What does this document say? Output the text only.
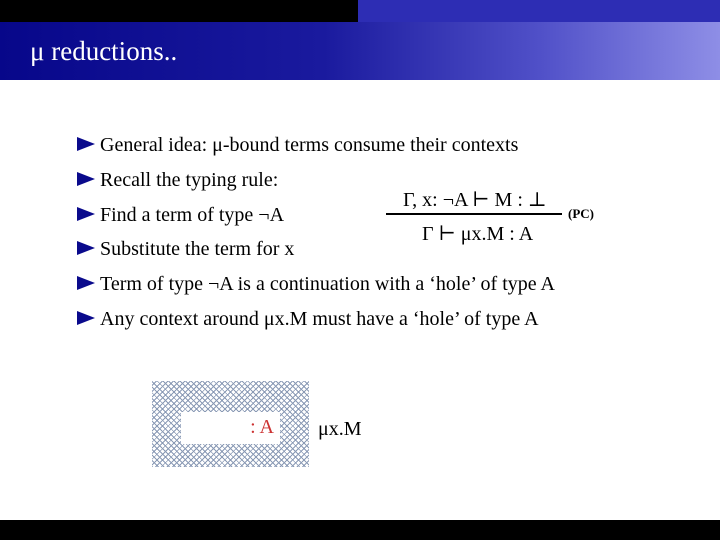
μ reductions..
General idea: μ-bound terms consume their contexts
Recall the typing rule:
Find a term of type ¬A
Substitute the term for x
Term of type ¬A is a continuation with a ‘hole’ of type A
Any context around μx.M must have a ‘hole’ of type A
Γ, x: ¬A ⊢ M : ⊥
(PC)
Γ ⊢ μx.M : A
: A μx.M
